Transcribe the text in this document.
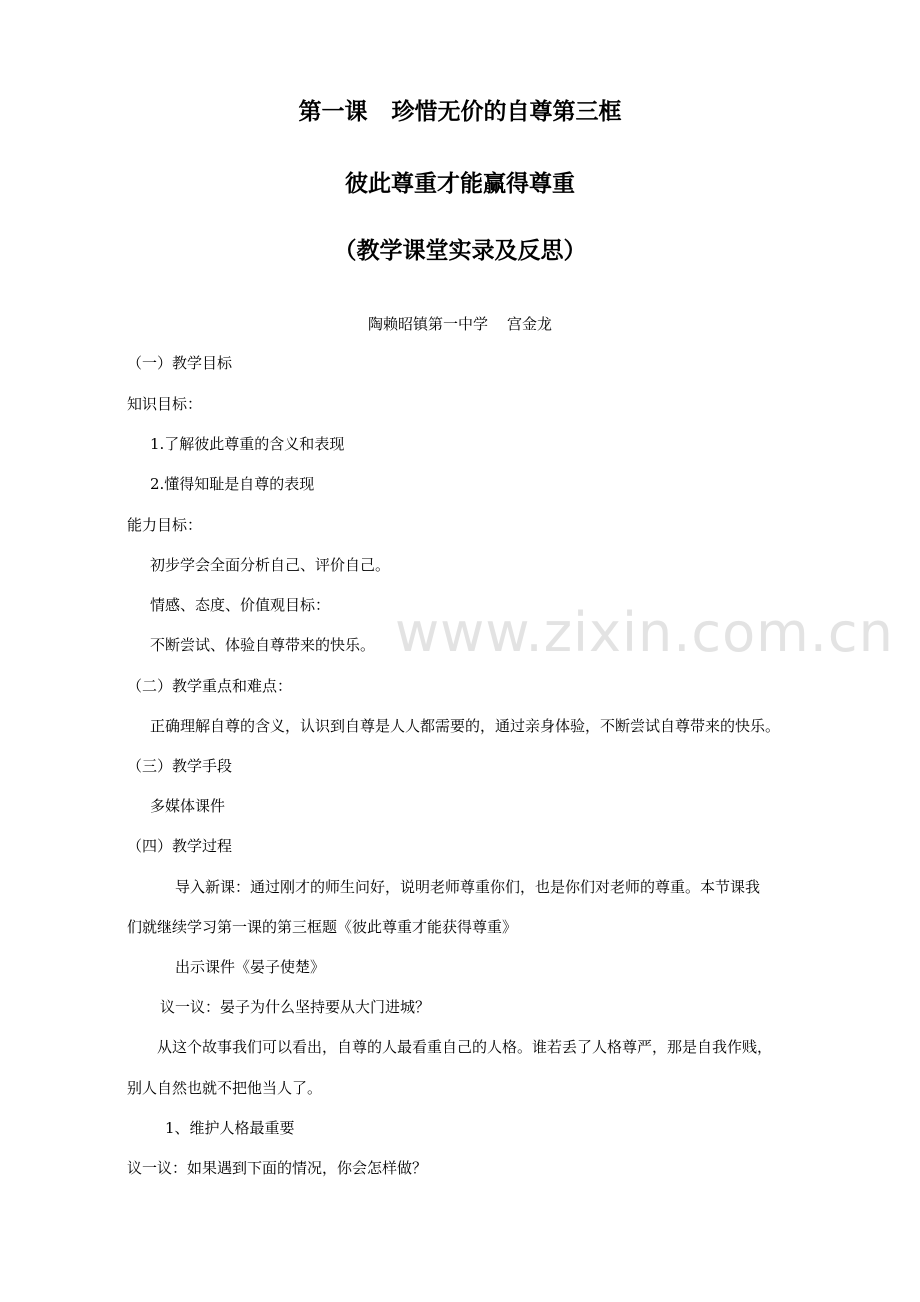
第一课   珍惜无价的自尊第三框
彼此尊重才能赢得尊重
（教学课堂实录及反思）
陶赖昭镇第一中学    宫金龙
（一）教学目标
知识目标：
1.了解彼此尊重的含义和表现
2.懂得知耻是自尊的表现
能力目标：
初步学会全面分析自己、评价自己。
情感、态度、价值观目标：
不断尝试、体验自尊带来的快乐。
（二）教学重点和难点：
正确理解自尊的含义，认识到自尊是人人都需要的，通过亲身体验，不断尝试自尊带来的快乐。
（三）教学手段
多媒体课件
（四）教学过程
导入新课：通过刚才的师生问好，说明老师尊重你们，也是你们对老师的尊重。本节课我
们就继续学习第一课的第三框题《彼此尊重才能获得尊重》
出示课件《晏子使楚》
议一议：晏子为什么坚持要从大门进城？
从这个故事我们可以看出，自尊的人最看重自己的人格。谁若丢了人格尊严，那是自我作贱，
别人自然也就不把他当人了。
1、维护人格最重要
议一议：如果遇到下面的情况，你会怎样做？
www.zixin.com.cn
